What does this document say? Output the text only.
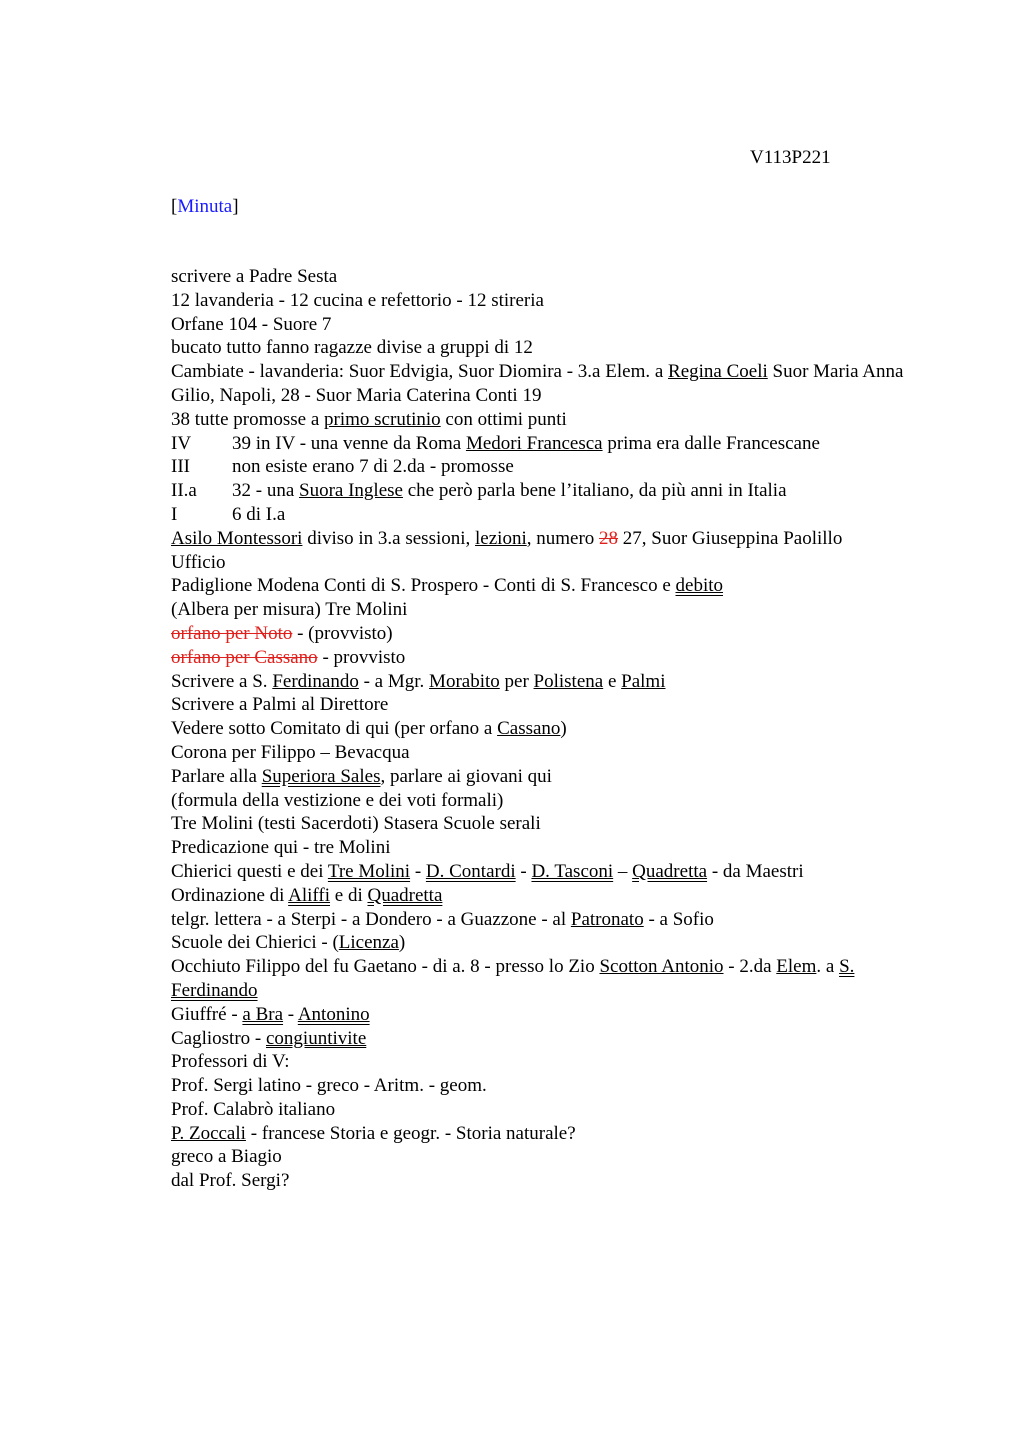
V113P221
[Minuta]
scrivere a Padre Sesta
12 lavanderia - 12 cucina e refettorio - 12 stireria
Orfane 104 - Suore 7
bucato tutto fanno ragazze divise a gruppi di 12
Cambiate - lavanderia: Suor Edvigia, Suor Diomira - 3.a Elem. a Regina Coeli Suor Maria Anna Gilio, Napoli, 28 - Suor Maria Caterina Conti 19
38 tutte promosse a primo scrutinio con ottimi punti
IV 39 in IV - una venne da Roma Medori Francesca prima era dalle Francescane
III non esiste erano 7 di 2.da - promosse
II.a 32 - una Suora Inglese che però parla bene l’italiano, da più anni in Italia
I	6 di I.a
Asilo Montessori diviso in 3.a sessioni, lezioni, numero 28 27, Suor Giuseppina Paolillo
Ufficio
Padiglione Modena Conti di S. Prospero - Conti di S. Francesco e debito
(Albera per misura) Tre Molini
orfano per Noto - (provvisto)
orfano per Cassano - provvisto
Scrivere a S. Ferdinando - a Mgr. Morabito per Polistena e Palmi
Scrivere a Palmi al Direttore
Vedere sotto Comitato di qui (per orfano a Cassano)
Corona per Filippo – Bevacqua
Parlare alla Superiora Sales, parlare ai giovani qui
(formula della vestizione e dei voti formali)
Tre Molini (testi Sacerdoti) Stasera Scuole serali
Predicazione qui - tre Molini
Chierici questi e dei Tre Molini - D. Contardi - D. Tasconi – Quadretta - da Maestri
Ordinazione di Aliffi e di Quadretta
telgr. lettera - a Sterpi - a Dondero - a Guazzone - al Patronato - a Sofio
Scuole dei Chierici - (Licenza)
Occhiuto Filippo del fu Gaetano - di a. 8 - presso lo Zio Scotton Antonio - 2.da Elem. a S. Ferdinando
Giuffré - a Bra - Antonino
Cagliostro - congiuntivite
Professori di V:
Prof. Sergi latino - greco - Aritm. - geom.
Prof. Calabrò italiano
P. Zoccali - francese Storia e geogr. - Storia naturale?
greco a Biagio
dal Prof. Sergi?
